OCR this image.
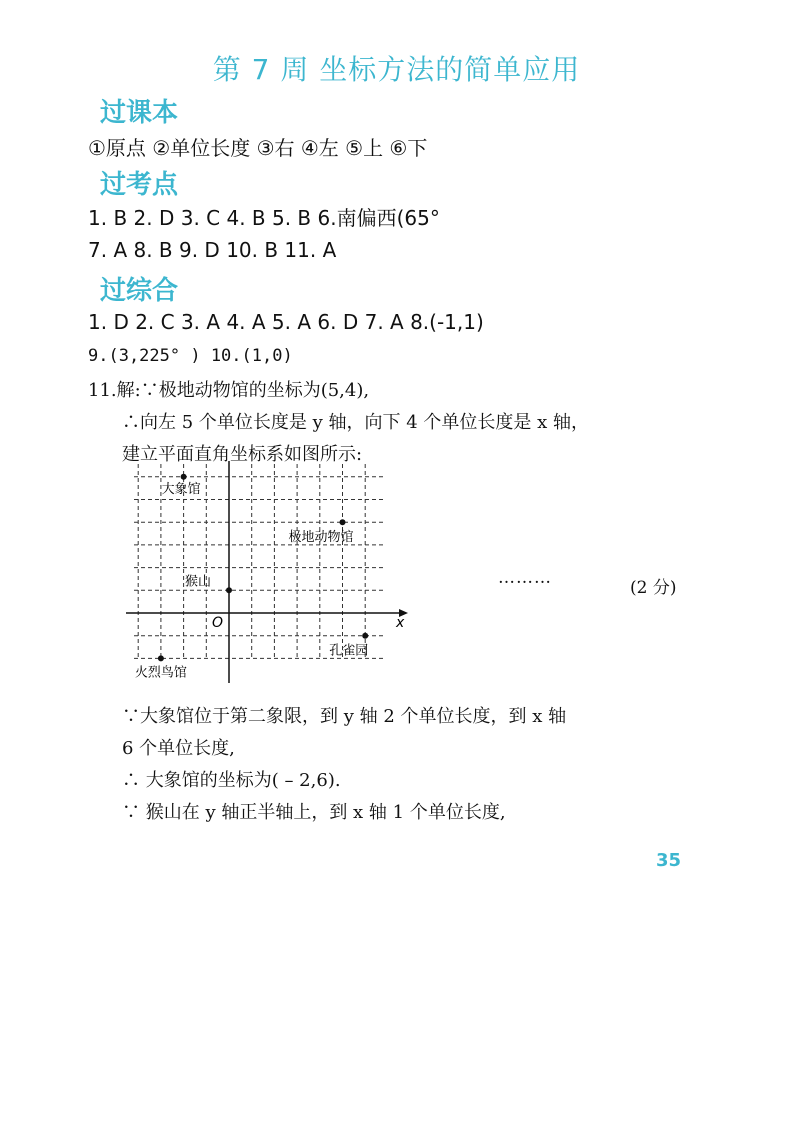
第 7 周 坐标方法的简单应用
过课本
①原点 ②单位长度 ③右 ④左 ⑤上 ⑥下
过考点
1. B 2. D 3. C 4. B 5. B 6.南偏西(65°
7. A 8. B 9. D 10. B 11. A
过综合
1. D 2. C 3. A 4. A 5. A 6. D 7. A 8.(-1,1)
9.(3,225° ) 10.(1,0)
11.解:∵极地动物馆的坐标为(5,4),
∴向左 5 个单位长度是 y 轴，向下 4 个单位长度是 x 轴，
建立平面直角坐标系如图所示:
x
O
大象馆
极地动物馆
猴山
孔雀园
火烈鸟馆
………	(2 分)
∵大象馆位于第二象限，到 y 轴 2 个单位长度，到 x 轴
6 个单位长度,
∴ 大象馆的坐标为( – 2,6).
∵ 猴山在 y 轴正半轴上，到 x 轴 1 个单位长度,
35
